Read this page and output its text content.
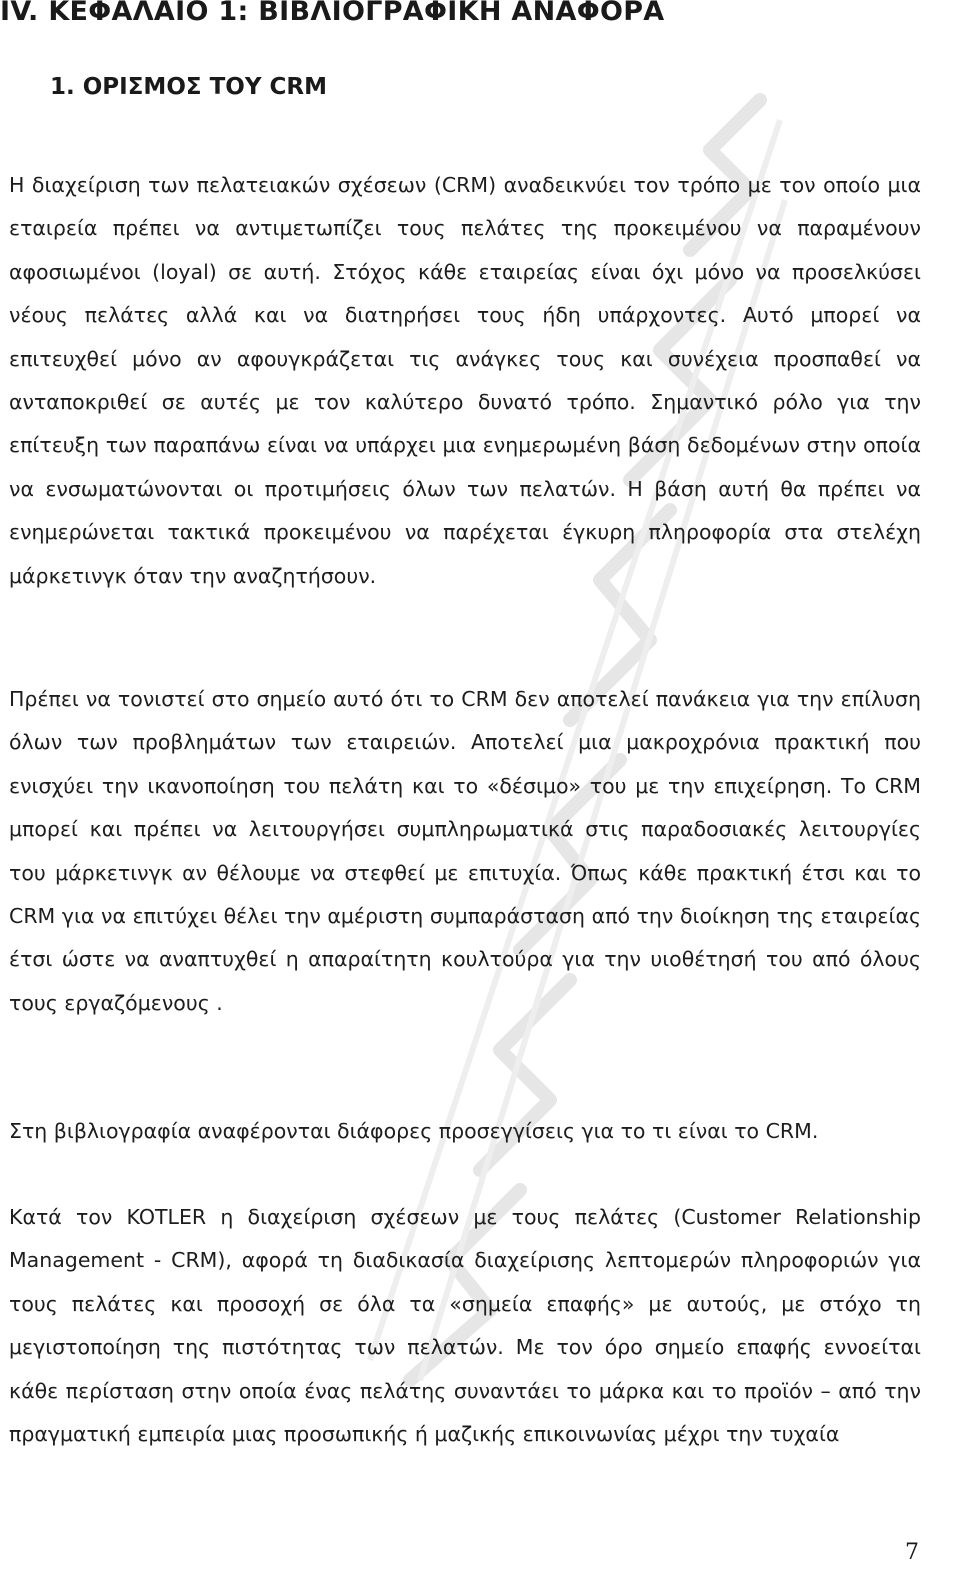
IV. ΚΕΦΑΛΑΙΟ 1: ΒΙΒΛΙΟΓΡΑΦΙΚΗ ΑΝΑΦΟΡΑ
1. ΟΡΙΣΜΟΣ ΤΟΥ CRM

Η διαχείριση των πελατειακών σχέσεων (CRM) αναδεικνύει τον τρόπο με τον οποίο μια εταιρεία πρέπει να αντιμετωπίζει τους πελάτες της προκειμένου να παραμένουν αφοσιωμένοι (loyal) σε αυτή. Στόχος κάθε εταιρείας είναι όχι μόνο να προσελκύσει νέους πελάτες αλλά και να διατηρήσει τους ήδη υπάρχοντες. Αυτό μπορεί να επιτευχθεί μόνο αν αφουγκράζεται τις ανάγκες τους και συνέχεια προσπαθεί να ανταποκριθεί σε αυτές με τον καλύτερο δυνατό τρόπο. Σημαντικό ρόλο για την επίτευξη των παραπάνω είναι να υπάρχει μια ενημερωμένη βάση δεδομένων στην οποία να ενσωματώνονται οι προτιμήσεις όλων των πελατών. Η βάση αυτή θα πρέπει να ενημερώνεται τακτικά προκειμένου να παρέχεται έγκυρη πληροφορία στα στελέχη μάρκετινγκ όταν την αναζητήσουν.

Πρέπει να τονιστεί στο σημείο αυτό ότι το CRM δεν αποτελεί πανάκεια για την επίλυση όλων των προβλημάτων των εταιρειών. Αποτελεί μια μακροχρόνια πρακτική που ενισχύει την ικανοποίηση του πελάτη και το «δέσιμο» του με την επιχείρηση. Το CRM μπορεί και πρέπει να λειτουργήσει συμπληρωματικά στις παραδοσιακές λειτουργίες του μάρκετινγκ αν θέλουμε να στεφθεί με επιτυχία. Όπως κάθε πρακτική έτσι και το CRM για να επιτύχει θέλει την αμέριστη συμπαράσταση από την διοίκηση της εταιρείας έτσι ώστε να αναπτυχθεί η απαραίτητη κουλτούρα για την υιοθέτησή του από όλους τους εργαζόμενους .

Στη βιβλιογραφία αναφέρονται διάφορες προσεγγίσεις για το τι είναι το CRM.

Κατά τον KOTLER η διαχείριση σχέσεων με τους πελάτες (Customer Relationship Management - CRM), αφορά τη διαδικασία διαχείρισης λεπτομερών πληροφοριών για τους πελάτες και προσοχή σε όλα τα «σημεία επαφής» με αυτούς, με στόχο τη μεγιστοποίηση της πιστότητας των πελατών. Με τον όρο σημείο επαφής εννοείται κάθε περίσταση στην οποία ένας πελάτης συναντάει το μάρκα και το προϊόν – από την πραγματική εμπειρία μιας προσωπικής ή μαζικής επικοινωνίας μέχρι την τυχαία

7
